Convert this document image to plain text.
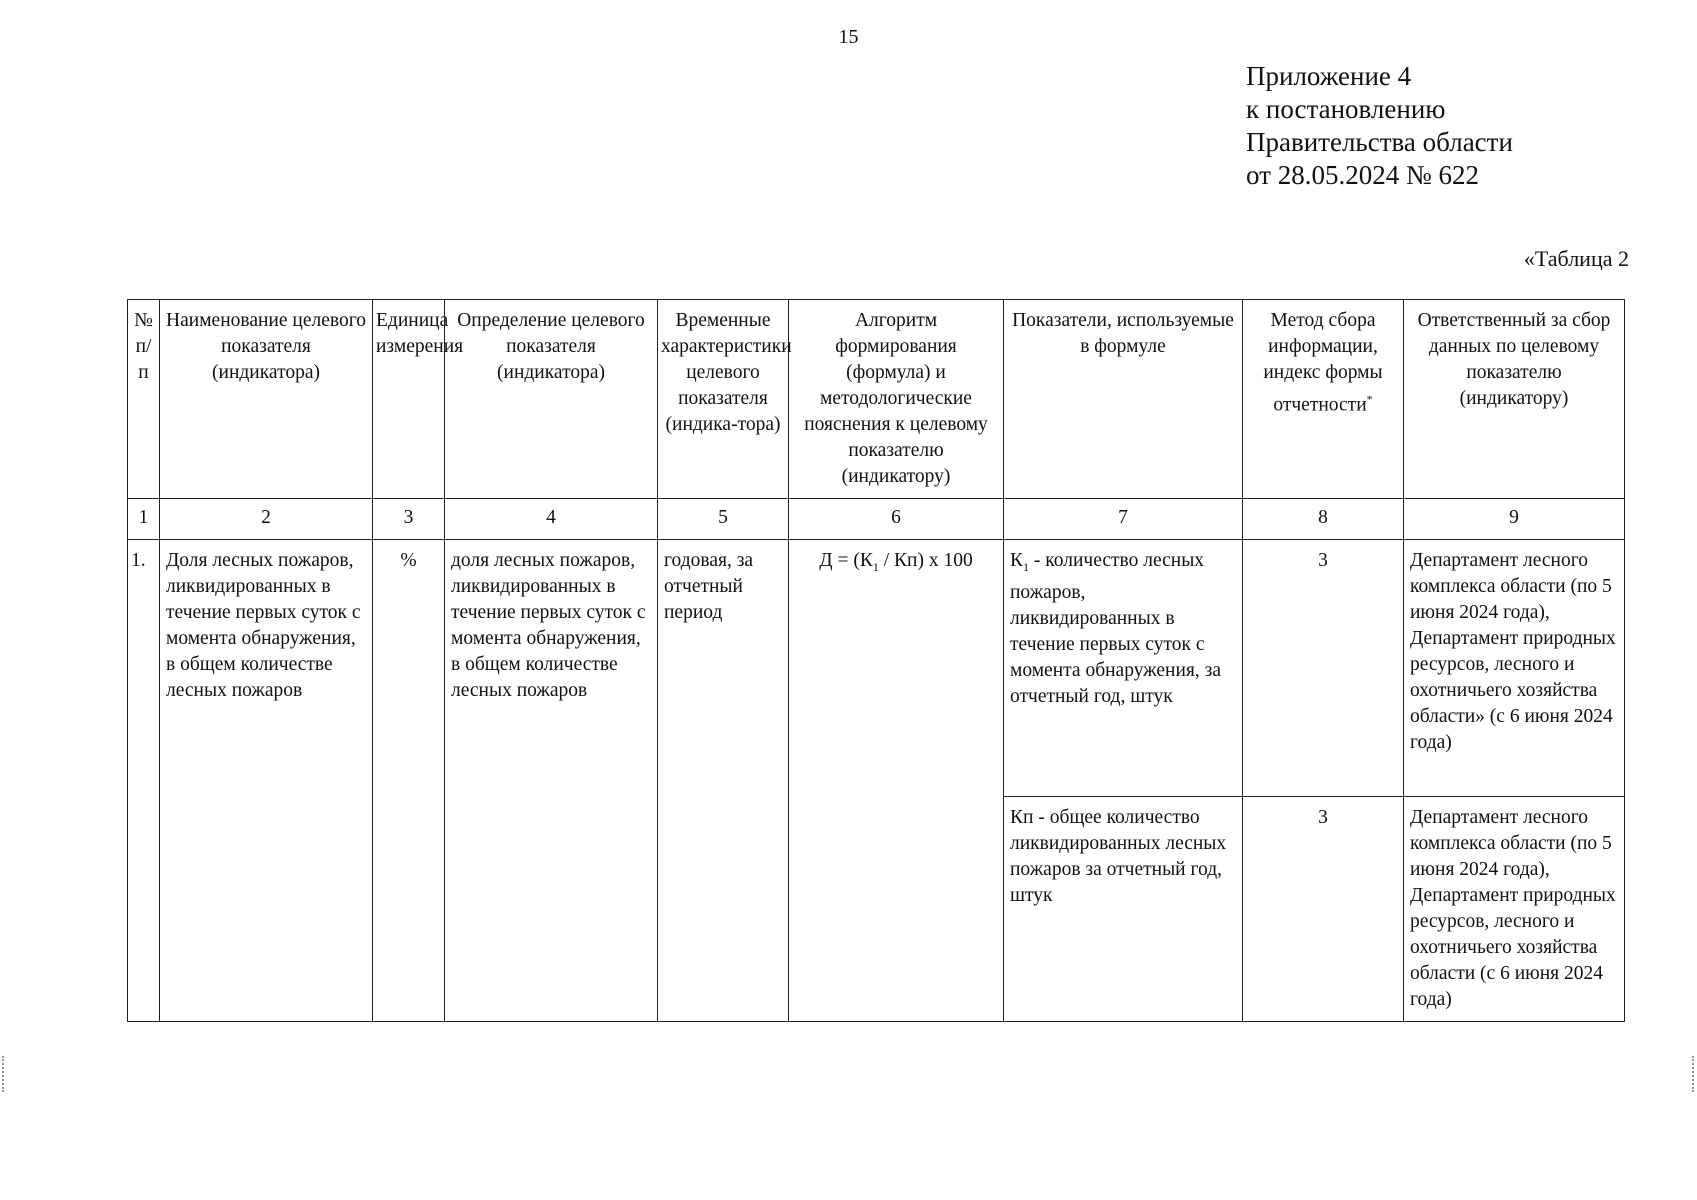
15
Приложение 4
к постановлению
Правительства области
от 28.05.2024 № 622
«Таблица 2
№ п/п	Наименование целевого показателя (индикатора)	Единица измерения	Определение целевого показателя (индикатора)	Временные характеристики целевого показателя (индика-тора)	Алгоритм формирования (формула) и методологические пояснения к целевому показателю (индикатору)	Показатели, используемые в формуле	Метод сбора информации, индекс формы отчетности*	Ответственный за сбор данных по целевому показателю (индикатору)
1	2	3	4	5	6	7	8	9
1.	Доля лесных пожаров, ликвидированных в течение первых суток с момента обнаружения, в общем количестве лесных пожаров	%	доля лесных пожаров, ликвидированных в течение первых суток с момента обнаружения, в общем количестве лесных пожаров	годовая, за отчетный период	$Д = (К_1 / Кп)$ х 100	$К_1$ - количество лесных пожаров, ликвидированных в течение первых суток с момента обнаружения, за отчетный год, штук	3	Департамент лесного комплекса области (по 5 июня 2024 года), Департамент природных ресурсов, лесного и охотничьего хозяйства области» (с 6 июня 2024 года)
						Кп - общее количество ликвидированных лесных пожаров за отчетный год, штук	3	Департамент лесного комплекса области (по 5 июня 2024 года), Департамент природных ресурсов, лесного и охотничьего хозяйства области (с 6 июня 2024 года)
